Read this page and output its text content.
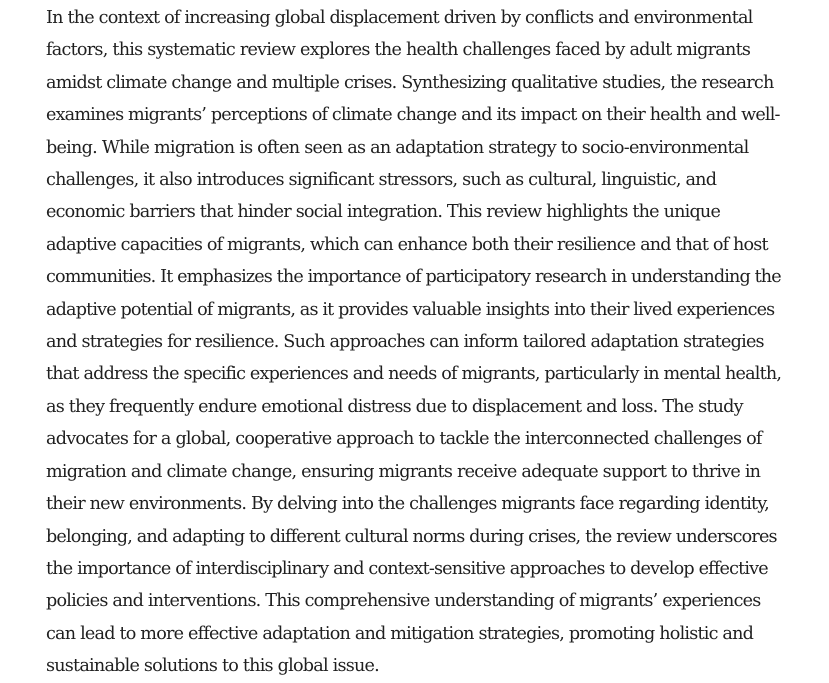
In the context of increasing global displacement driven by conflicts and environmental
factors, this systematic review explores the health challenges faced by adult migrants
amidst climate change and multiple crises. Synthesizing qualitative studies, the research
examines migrants’ perceptions of climate change and its impact on their health and well-
being. While migration is often seen as an adaptation strategy to socio-environmental
challenges, it also introduces significant stressors, such as cultural, linguistic, and
economic barriers that hinder social integration. This review highlights the unique
adaptive capacities of migrants, which can enhance both their resilience and that of host
communities. It emphasizes the importance of participatory research in understanding the
adaptive potential of migrants, as it provides valuable insights into their lived experiences
and strategies for resilience. Such approaches can inform tailored adaptation strategies
that address the specific experiences and needs of migrants, particularly in mental health,
as they frequently endure emotional distress due to displacement and loss. The study
advocates for a global, cooperative approach to tackle the interconnected challenges of
migration and climate change, ensuring migrants receive adequate support to thrive in
their new environments. By delving into the challenges migrants face regarding identity,
belonging, and adapting to different cultural norms during crises, the review underscores
the importance of interdisciplinary and context-sensitive approaches to develop effective
policies and interventions. This comprehensive understanding of migrants’ experiences
can lead to more effective adaptation and mitigation strategies, promoting holistic and
sustainable solutions to this global issue.
